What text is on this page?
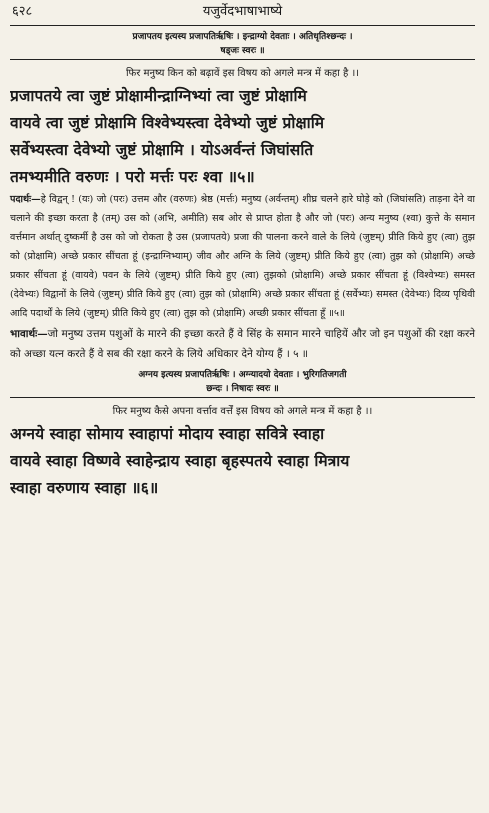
६२८	यजुर्वेदभाषाभाष्ये
प्रजापतय इत्यस्य प्रजापतिर्ऋषिः । इन्द्राग्यो देवताः । अतिधृतिश्छन्दः ।
षड्जः स्वरः ॥
फिर मनुष्य किन को बढ़ावें इस विषय को अगले मन्त्र में कहा है ।।
प्रजापतये त्वा जुष्टं प्रोक्षामीन्द्राग्निभ्यां त्वा जुष्टं प्रोक्षामि
वायवे त्वा जुष्टं प्रोक्षामि विश्वेभ्यस्त्वा देवेभ्यो जुष्टं प्रोक्षामि
सर्वेभ्यस्त्वा देवेभ्यो जुष्टं प्रोक्षामि । योऽअर्वन्तं जिघांसति
तमभ्यमीति वरुणः । परो मर्त्तः परः श्वा ॥५॥
पदार्थः—हे विद्वन् ! (यः) जो (परः) उत्तम और (वरुणः) श्रेष्ठ (मर्त्तः) मनुष्य (अर्वन्तम्) शीघ्र चलने हारे घोड़े को (जिघांसति) ताड़ना देने वा चलाने की इच्छा करता है (तम्) उस को (अभि, अमीति) सब ओर से प्राप्त होता है और जो (परः) अन्य मनुष्य (श्वा) कुत्ते के समान वर्त्तमान अर्थात् दुष्कर्मी है उस को जो रोकता है उस (प्रजापतये) प्रजा की पालना करने वाले के लिये (जुष्टम्) प्रीति किये हुए (त्वा) तुझ को (प्रोक्षामि) अच्छे प्रकार सींचता हूं (इन्द्राग्निभ्याम्) जीव और अग्नि के लिये (जुष्टम्) प्रीति किये हुए (त्वा) तुझ को (प्रोक्षामि) अच्छे प्रकार सींचता हूं (वायवे) पवन के लिये (जुष्टम्) प्रीति किये हुए (त्वा) तुझको (प्रोक्षामि) अच्छे प्रकार सींचता हूं (विश्वेभ्यः) समस्त (देवेभ्यः) विद्वानों के लिये (जुष्टम्) प्रीति किये हुए (त्वा) तुझ को (प्रोक्षामि) अच्छे प्रकार सींचता हूं (सर्वेभ्यः) समस्त (देवेभ्यः) दिव्य पृथिवी आदि पदार्थों के लिये (जुष्टम्) प्रीति किये हुए (त्वा) तुझ को (प्रोक्षामि) अच्छी प्रकार सींचता हूँ ॥५॥
भावार्थः—जो मनुष्य उत्तम पशुओं के मारने की इच्छा करते हैं वे सिंह के समान मारने चाहियें और जो इन पशुओं की रक्षा करने को अच्छा यत्न करते हैं वे सब की रक्षा करने के लिये अधिकार देने योग्य हैं । ५ ॥
अग्नय इत्यस्य प्रजापतिर्ऋषिः । अग्न्यादयो देवताः । भुरिगतिजगती
छन्दः । निषादः स्वरः ॥
फिर मनुष्य कैसे अपना वर्त्ताव वर्त्तें इस विषय को अगले मन्त्र में कहा है ।।
अग्नये स्वाहा सोमाय स्वाहापां मोदाय स्वाहा सवित्रे स्वाहा
वायवे स्वाहा विष्णवे स्वाहेन्द्राय स्वाहा बृहस्पतये स्वाहा मित्राय
स्वाहा वरुणाय स्वाहा ॥६॥
